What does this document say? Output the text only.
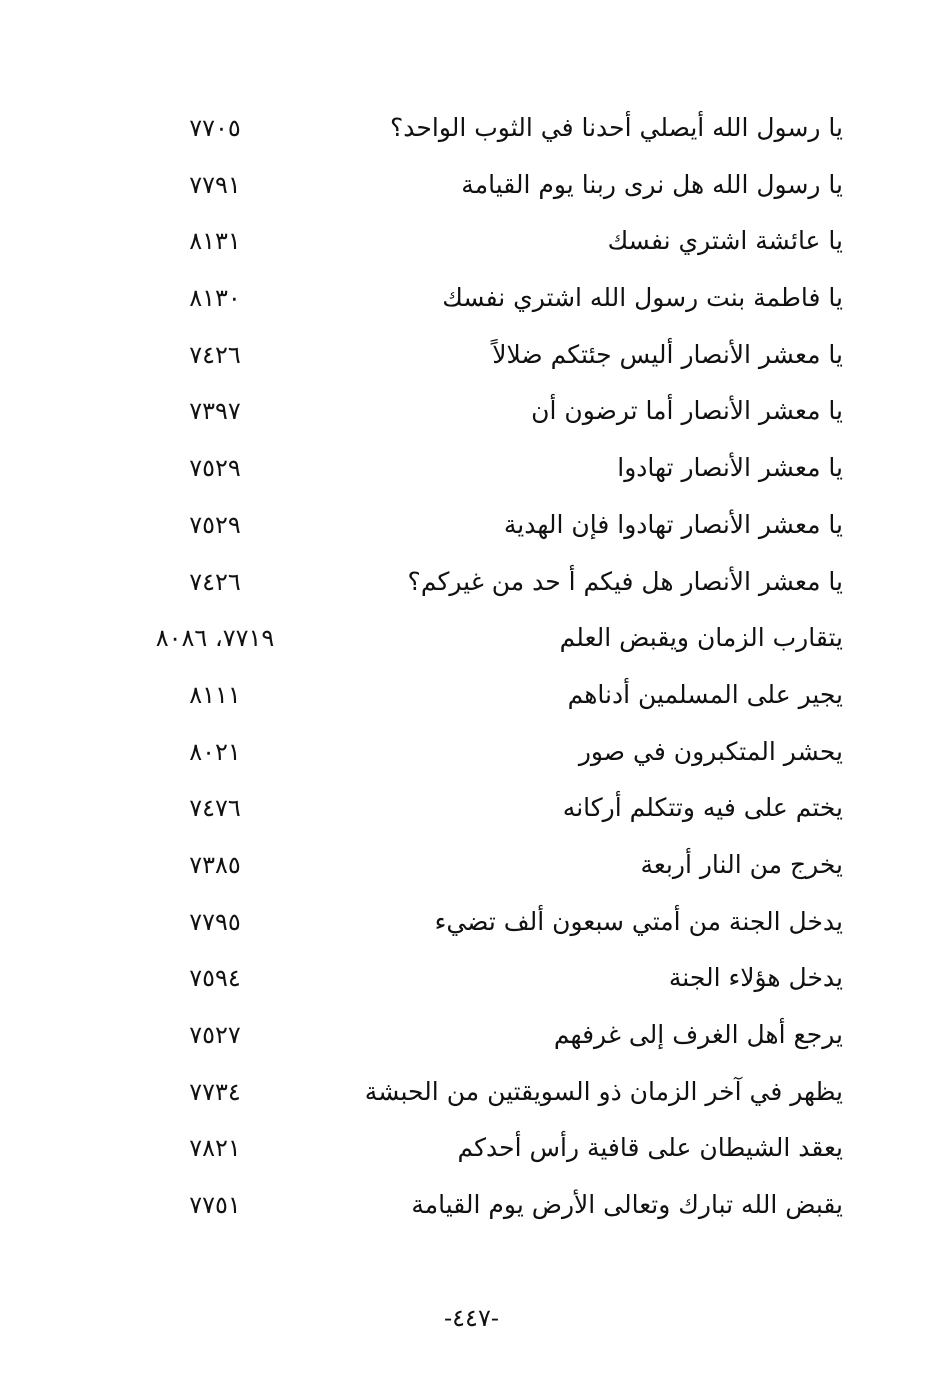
يا رسول الله أيصلي أحدنا في الثوب الواحد؟
٧٧٠٥
يا رسول الله هل نرى ربنا يوم القيامة
٧٧٩١
يا عائشة اشتري نفسك
٨١٣١
يا فاطمة بنت رسول الله اشتري نفسك
٨١٣٠
يا معشر الأنصار أليس جئتكم ضلالاً
٧٤٢٦
يا معشر الأنصار أما ترضون أن
٧٣٩٧
يا معشر الأنصار تهادوا
٧٥٢٩
يا معشر الأنصار تهادوا فإن الهدية
٧٥٢٩
يا معشر الأنصار هل فيكم أ حد من غيركم؟
٧٤٢٦
يتقارب الزمان ويقبض العلم
٧٧١٩، ٨٠٨٦
يجير على المسلمين أدناهم
٨١١١
يحشر المتكبرون في صور
٨٠٢١
يختم على فيه وتتكلم أركانه
٧٤٧٦
يخرج من النار أربعة
٧٣٨٥
يدخل الجنة من أمتي سبعون ألف تضيء
٧٧٩٥
يدخل هؤلاء الجنة
٧٥٩٤
يرجع أهل الغرف إلى غرفهم
٧٥٢٧
يظهر في آخر الزمان ذو السويقتين من الحبشة
٧٧٣٤
يعقد الشيطان على قافية رأس أحدكم
٧٨٢١
يقبض الله تبارك وتعالى الأرض يوم القيامة
٧٧٥١
-٤٤٧-
